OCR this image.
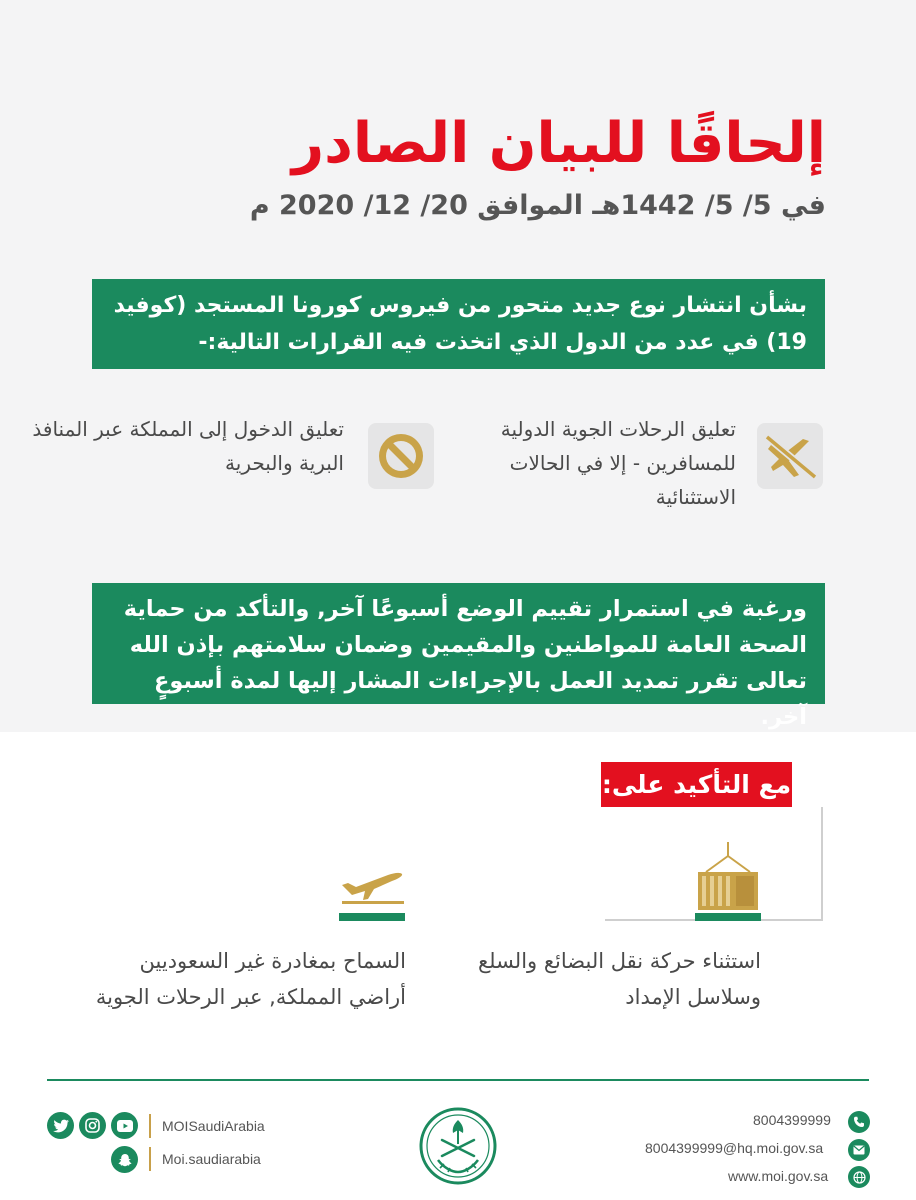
إلحاقًا للبيان الصادر
في 5/ 5/ 1442هـ الموافق 20/ 12/ 2020 م
بشأن انتشار نوع جديد متحور من فيروس كورونا المستجد (كوفيد 19) في عدد من الدول الذي اتخذت فيه القرارات التالية:-
تعليق الرحلات الجوية الدولية للمسافرين - إلا في الحالات الاستثنائية
تعليق الدخول إلى المملكة عبر المنافذ البرية والبحرية
ورغبة في استمرار تقييم الوضع أسبوعًا آخر, والتأكد من حماية الصحة العامة للمواطنين والمقيمين وضمان سلامتهم بإذن الله تعالى تقرر تمديد العمل بالإجراءات المشار إليها لمدة أسبوعٍ آخر.
مع التأكيد على:
استثناء حركة نقل البضائع والسلع وسلاسل الإمداد
السماح بمغادرة غير السعوديين أراضي المملكة, عبر الرحلات الجوية
MOISaudiArabia
Moi.saudiarabia
8004399999
8004399999@hq.moi.gov.sa
www.moi.gov.sa
